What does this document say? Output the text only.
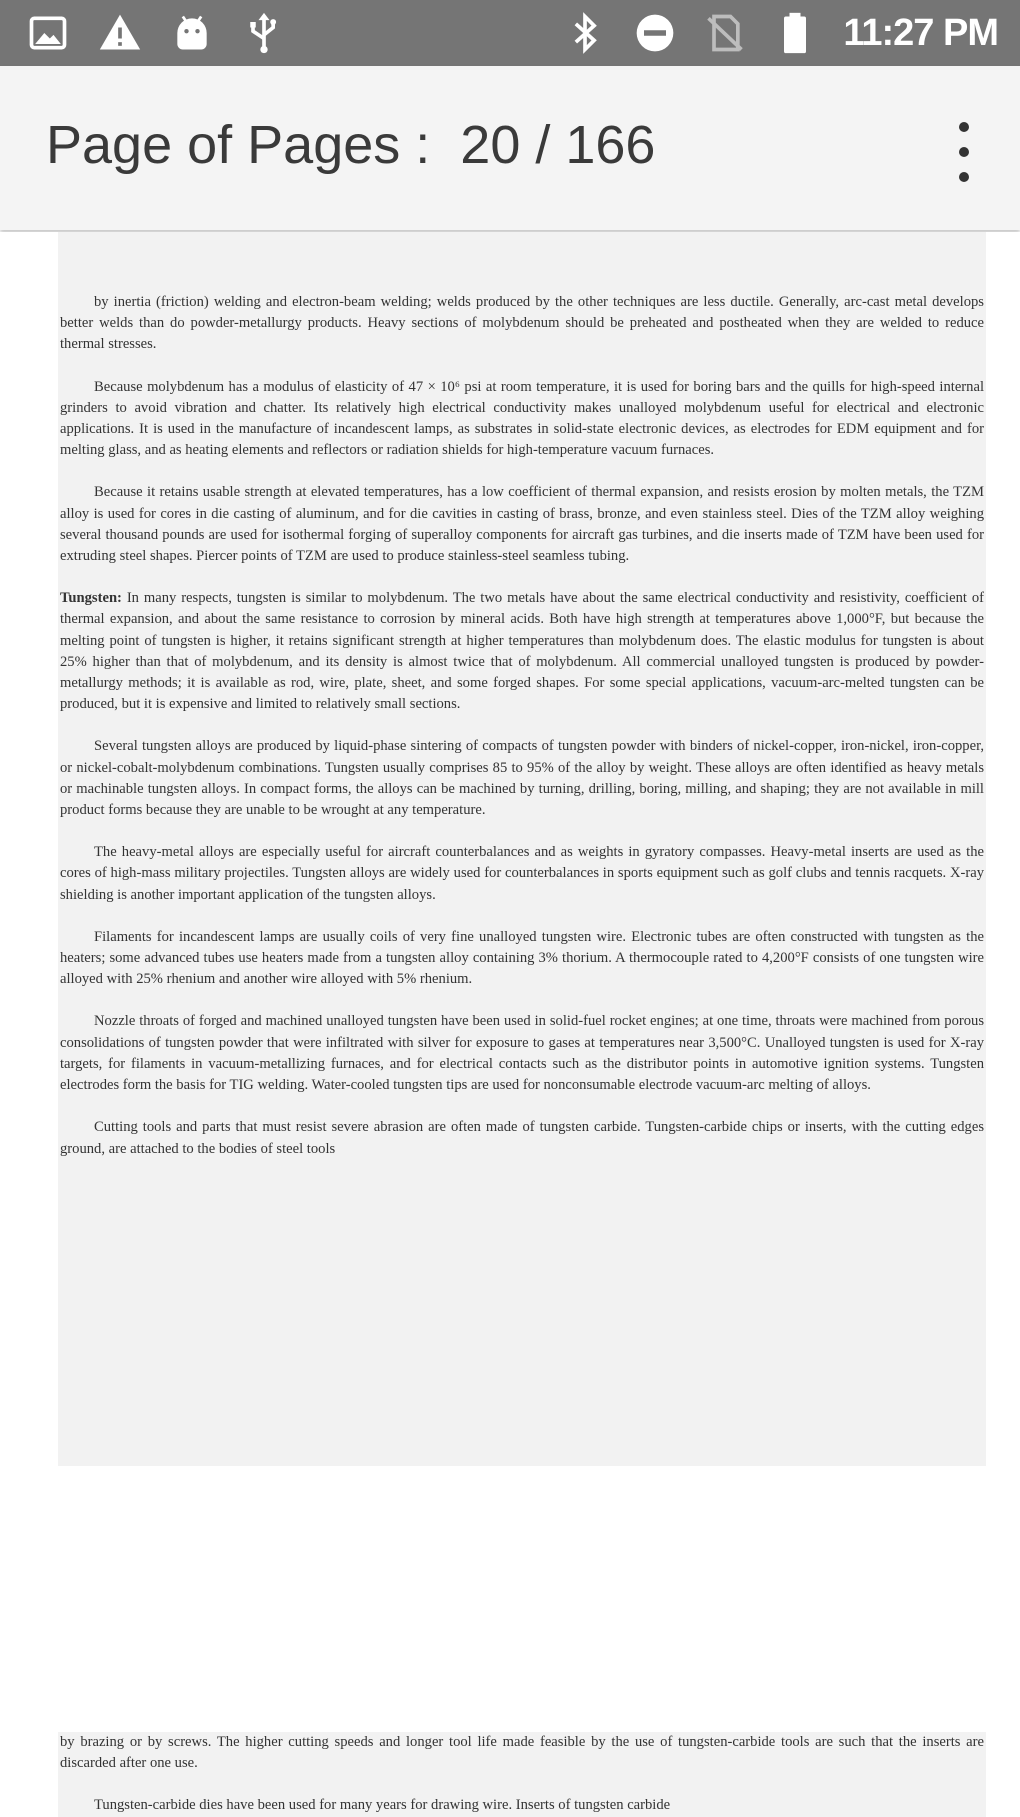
11:27 PM
Page of Pages :  20 / 166

by inertia (friction) welding and electron-beam welding; welds produced by the other techniques are less ductile. Generally, arc-cast metal develops better welds than do powder-metallurgy products. Heavy sections of molybdenum should be preheated and postheated when they are welded to reduce thermal stresses.

Because molybdenum has a modulus of elasticity of 47 × 10⁶ psi at room temperature, it is used for boring bars and the quills for high-speed internal grinders to avoid vibration and chatter. Its relatively high electrical conductivity makes unalloyed molybdenum useful for electrical and electronic applications. It is used in the manufacture of incandescent lamps, as substrates in solid-state electronic devices, as electrodes for EDM equipment and for melting glass, and as heating elements and reflectors or radiation shields for high-temperature vacuum furnaces.

Because it retains usable strength at elevated temperatures, has a low coefficient of thermal expansion, and resists erosion by molten metals, the TZM alloy is used for cores in die casting of aluminum, and for die cavities in casting of brass, bronze, and even stainless steel. Dies of the TZM alloy weighing several thousand pounds are used for isothermal forging of superalloy components for aircraft gas turbines, and die inserts made of TZM have been used for extruding steel shapes. Piercer points of TZM are used to produce stainless-steel seamless tubing.

Tungsten: In many respects, tungsten is similar to molybdenum. The two metals have about the same electrical conductivity and resistivity, coefficient of thermal expansion, and about the same resistance to corrosion by mineral acids. Both have high strength at temperatures above 1,000°F, but because the melting point of tungsten is higher, it retains significant strength at higher temperatures than molybdenum does. The elastic modulus for tungsten is about 25% higher than that of molybdenum, and its density is almost twice that of molybdenum. All commercial unalloyed tungsten is produced by powder-metallurgy methods; it is available as rod, wire, plate, sheet, and some forged shapes. For some special applications, vacuum-arc-melted tungsten can be produced, but it is expensive and limited to relatively small sections.

Several tungsten alloys are produced by liquid-phase sintering of compacts of tungsten powder with binders of nickel-copper, iron-nickel, iron-copper, or nickel-cobalt-molybdenum combinations. Tungsten usually comprises 85 to 95% of the alloy by weight. These alloys are often identified as heavy metals or machinable tungsten alloys. In compact forms, the alloys can be machined by turning, drilling, boring, milling, and shaping; they are not available in mill product forms because they are unable to be wrought at any temperature.

The heavy-metal alloys are especially useful for aircraft counterbalances and as weights in gyratory compasses. Heavy-metal inserts are used as the cores of high-mass military projectiles. Tungsten alloys are widely used for counterbalances in sports equipment such as golf clubs and tennis racquets. X-ray shielding is another important application of the tungsten alloys.

Filaments for incandescent lamps are usually coils of very fine unalloyed tungsten wire. Electronic tubes are often constructed with tungsten as the heaters; some advanced tubes use heaters made from a tungsten alloy containing 3% thorium. A thermocouple rated to 4,200°F consists of one tungsten wire alloyed with 25% rhenium and another wire alloyed with 5% rhenium.

Nozzle throats of forged and machined unalloyed tungsten have been used in solid-fuel rocket engines; at one time, throats were machined from porous consolidations of tungsten powder that were infiltrated with silver for exposure to gases at temperatures near 3,500°C. Unalloyed tungsten is used for X-ray targets, for filaments in vacuum-metallizing furnaces, and for electrical contacts such as the distributor points in automotive ignition systems. Tungsten electrodes form the basis for TIG welding. Water-cooled tungsten tips are used for nonconsumable electrode vacuum-arc melting of alloys.

Cutting tools and parts that must resist severe abrasion are often made of tungsten carbide. Tungsten-carbide chips or inserts, with the cutting edges ground, are attached to the bodies of steel tools

by brazing or by screws. The higher cutting speeds and longer tool life made feasible by the use of tungsten-carbide tools are such that the inserts are discarded after one use.

Tungsten-carbide dies have been used for many years for drawing wire. Inserts of tungsten carbide
